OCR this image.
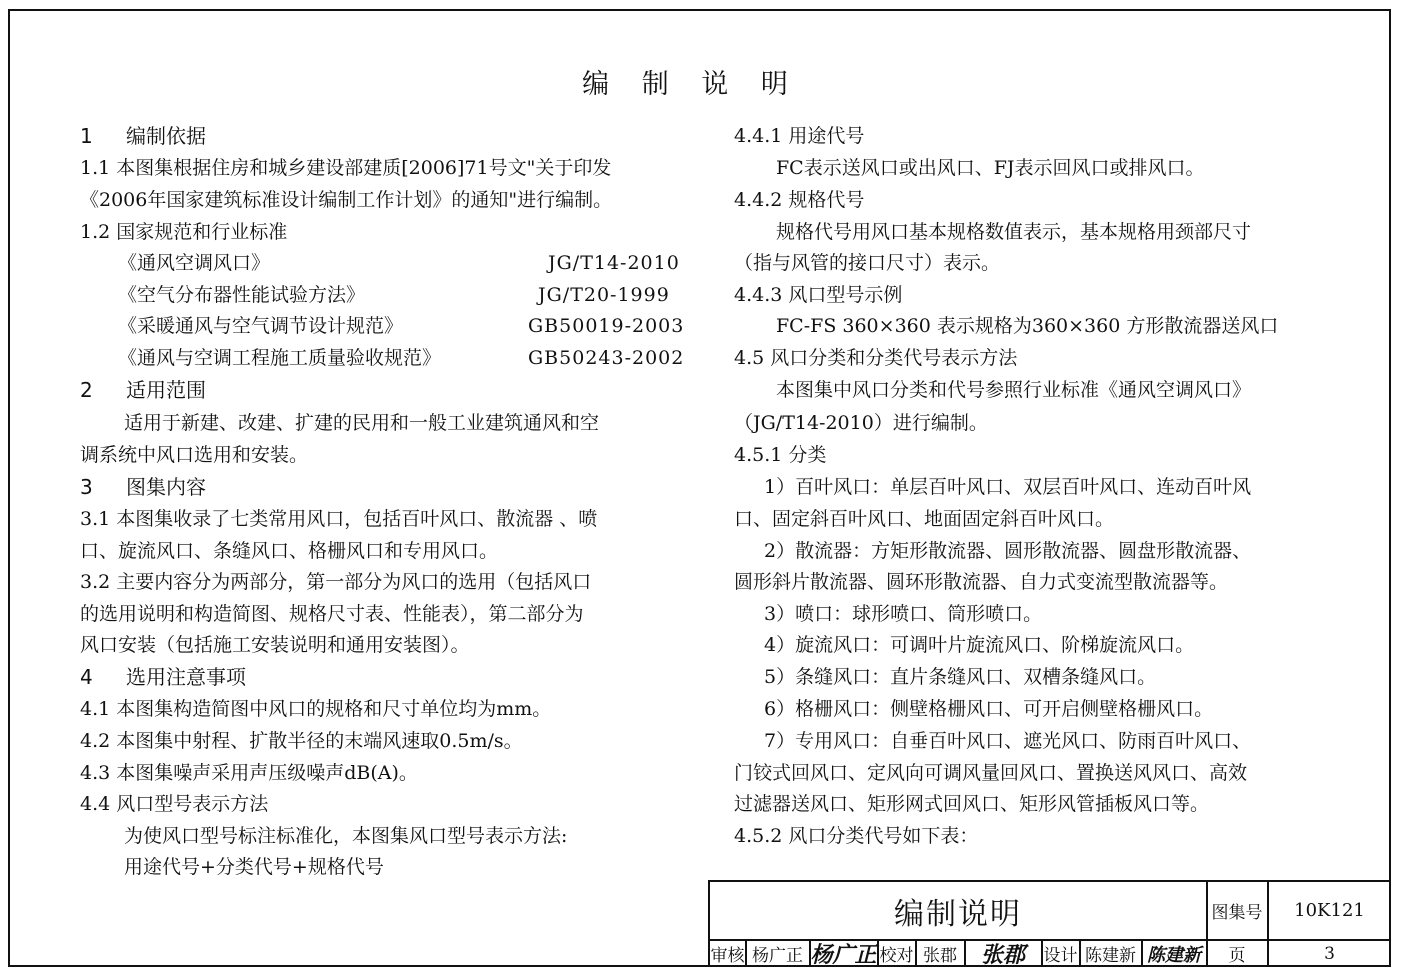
编 制 说 明
1 编制依据
1.1 本图集根据住房和城乡建设部建质[2006]71号文"关于印发
《2006年国家建筑标准设计编制工作计划》的通知"进行编制。
1.2 国家规范和行业标准
《通风空调风口》	JG/T14-2010
《空气分布器性能试验方法》	JG/T20-1999
《采暖通风与空气调节设计规范》	GB50019-2003
《通风与空调工程施工质量验收规范》	GB50243-2002
2 适用范围
适用于新建、改建、扩建的民用和一般工业建筑通风和空
调系统中风口选用和安装。
3 图集内容
3.1 本图集收录了七类常用风口，包括百叶风口、散流器 、喷
口、旋流风口、条缝风口、格栅风口和专用风口。
3.2 主要内容分为两部分，第一部分为风口的选用（包括风口
的选用说明和构造简图、规格尺寸表、性能表），第二部分为
风口安装（包括施工安装说明和通用安装图）。
4 选用注意事项
4.1 本图集构造简图中风口的规格和尺寸单位均为mm。
4.2 本图集中射程、扩散半径的末端风速取0.5m/s。
4.3 本图集噪声采用声压级噪声dB(A)。
4.4 风口型号表示方法
为使风口型号标注标准化，本图集风口型号表示方法:
用途代号+分类代号+规格代号
4.4.1 用途代号
FC表示送风口或出风口、FJ表示回风口或排风口。
4.4.2 规格代号
规格代号用风口基本规格数值表示，基本规格用颈部尺寸
（指与风管的接口尺寸）表示。
4.4.3 风口型号示例
FC-FS 360×360 表示规格为360×360 方形散流器送风口
4.5 风口分类和分类代号表示方法
本图集中风口分类和代号参照行业标准《通风空调风口》
（JG/T14-2010）进行编制。
4.5.1 分类
1）百叶风口：单层百叶风口、双层百叶风口、连动百叶风
口、固定斜百叶风口、地面固定斜百叶风口。
2）散流器：方矩形散流器、圆形散流器、圆盘形散流器、
圆形斜片散流器、圆环形散流器、自力式变流型散流器等。
3）喷口：球形喷口、筒形喷口。
4）旋流风口：可调叶片旋流风口、阶梯旋流风口。
5）条缝风口：直片条缝风口、双槽条缝风口。
6）格栅风口：侧壁格栅风口、可开启侧壁格栅风口。
7）专用风口：自垂百叶风口、遮光风口、防雨百叶风口、
门铰式回风口、定风向可调风量回风口、置换送风风口、高效
过滤器送风口、矩形网式回风口、矩形风管插板风口等。
4.5.2 风口分类代号如下表：
编制说明	图集号	10K121
审核 杨广正 杨广正 校对 张郡	张郡	设计 陈建新 陈建新	页	3
